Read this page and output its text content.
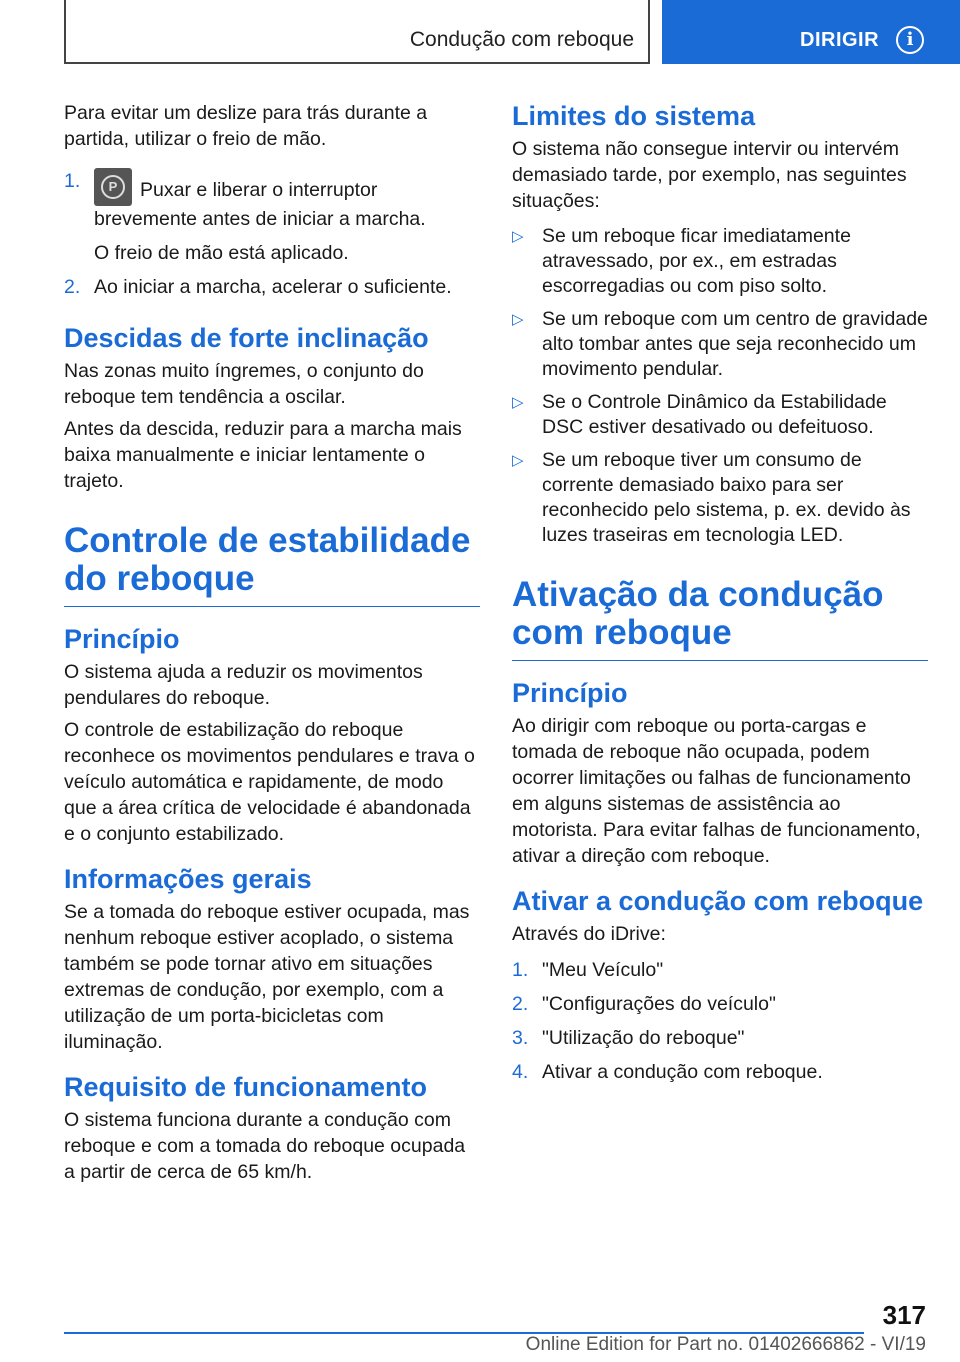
Condução com reboque	DIRIGIR	i

Para evitar um deslize para trás durante a partida, utilizar o freio de mão.

1.	P	Puxar e liberar o interruptor brevemente antes de iniciar a marcha.
O freio de mão está aplicado.
2. Ao iniciar a marcha, acelerar o suficiente.
Descidas de forte inclinação

Nas zonas muito íngremes, o conjunto do reboque tem tendência a oscilar.

Antes da descida, reduzir para a marcha mais baixa manualmente e iniciar lentamente o trajeto.

Controle de estabilidade do reboque
Princípio

O sistema ajuda a reduzir os movimentos pendulares do reboque.

O controle de estabilização do reboque reconhece os movimentos pendulares e trava o veículo automática e rapidamente, de modo que a área crítica de velocidade é abandonada e o conjunto estabilizado.

Informações gerais

Se a tomada do reboque estiver ocupada, mas nenhum reboque estiver acoplado, o sistema também se pode tornar ativo em situações extremas de condução, por exemplo, com a utilização de um porta-bicicletas com iluminação.

Requisito de funcionamento

O sistema funciona durante a condução com reboque e com a tomada do reboque ocupada a partir de cerca de 65 km/h.

Limites do sistema

O sistema não consegue intervir ou intervém demasiado tarde, por exemplo, nas seguintes situações:

▷ Se um reboque ficar imediatamente atravessado, por ex., em estradas escorregadias ou com piso solto.
▷ Se um reboque com um centro de gravidade alto tombar antes que seja reconhecido um movimento pendular.
▷ Se o Controle Dinâmico da Estabilidade DSC estiver desativado ou defeituoso.
▷ Se um reboque tiver um consumo de corrente demasiado baixo para ser reconhecido pelo sistema, p. ex. devido às luzes traseiras em tecnologia LED.
Ativação da condução com reboque
Princípio

Ao dirigir com reboque ou porta-cargas e tomada de reboque não ocupada, podem ocorrer limitações ou falhas de funcionamento em alguns sistemas de assistência ao motorista. Para evitar falhas de funcionamento, ativar a direção com reboque.

Ativar a condução com reboque

Através do iDrive:

1. "Meu Veículo"
2. "Configurações do veículo"
3. "Utilização do reboque"
4. Ativar a condução com reboque.
317
Online Edition for Part no. 01402666862 - VI/19
